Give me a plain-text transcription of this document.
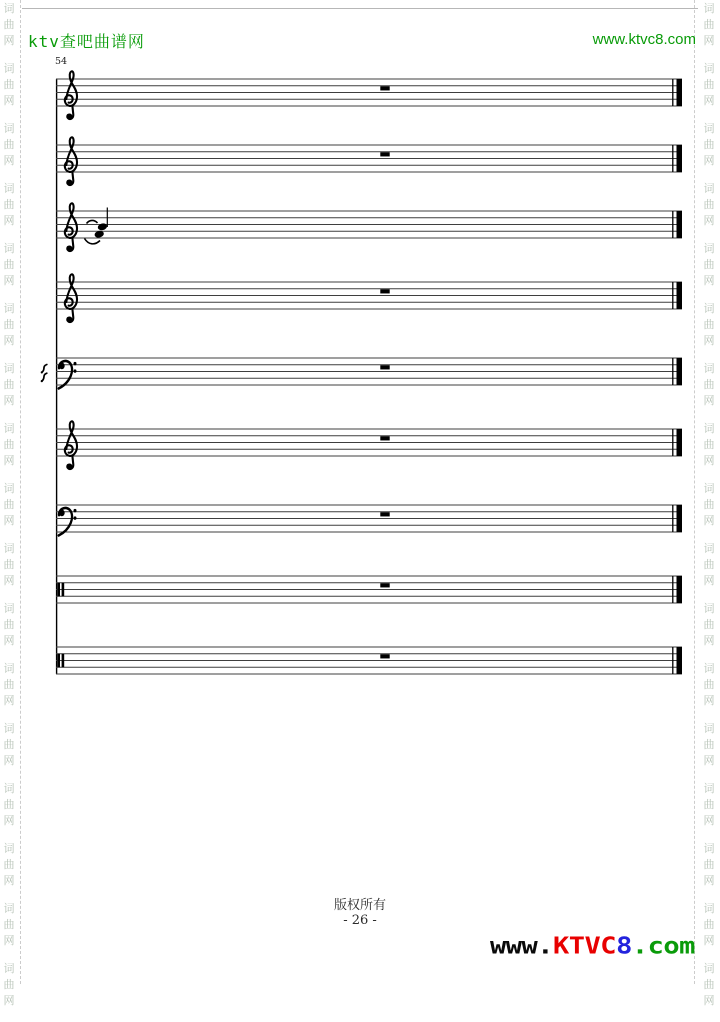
词
曲
网
词
曲
网
词
曲
网
词
曲
网
词
曲
网
词
曲
网
词
曲
网
词
曲
网
词
曲
网
词
曲
网
词
曲
网
词
曲
网
词
曲
网
词
曲
网
词
曲
网
词
曲
网
词
曲
网
词
曲
网
词
曲
网
词
曲
网
词
曲
网
词
曲
网
词
曲
网
词
曲
网
词
曲
网
词
曲
网
词
曲
网
词
曲
网
词
曲
网
词
曲
网
词
曲
网
词
曲
网
词
曲
网
词
曲
网
ktv查吧曲谱网	www.ktvc8.com
54
版权所有
- 26 -
www.KTVC8.com
